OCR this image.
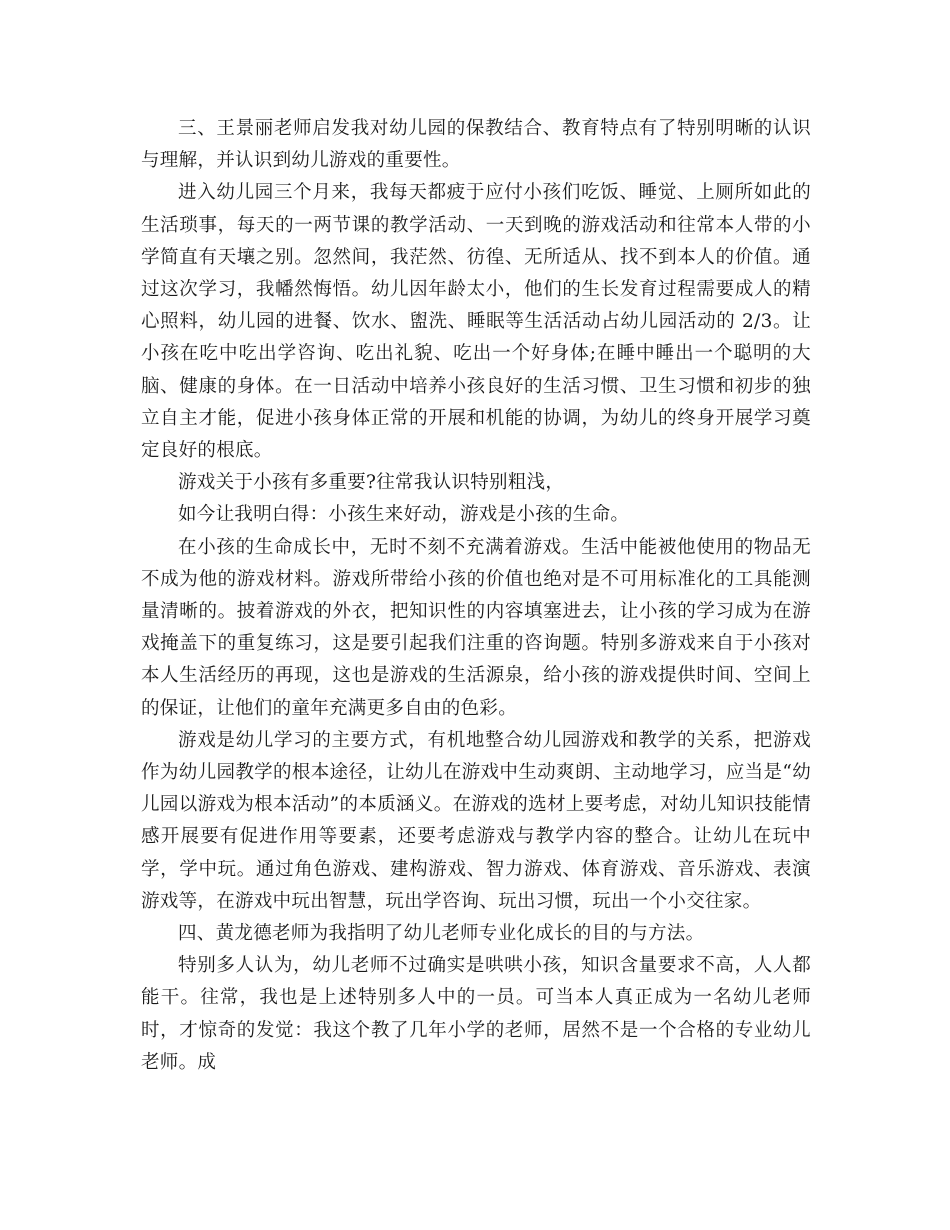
三、王景丽老师启发我对幼儿园的保教结合、教育特点有了特别明晰的认识与理解，并认识到幼儿游戏的重要性。

进入幼儿园三个月来，我每天都疲于应付小孩们吃饭、睡觉、上厕所如此的生活琐事，每天的一两节课的教学活动、一天到晚的游戏活动和往常本人带的小学简直有天壤之别。忽然间，我茫然、彷徨、无所适从、找不到本人的价值。通过这次学习，我幡然悔悟。幼儿因年龄太小，他们的生长发育过程需要成人的精心照料，幼儿园的进餐、饮水、盥洗、睡眠等生活活动占幼儿园活动的 2/3。让小孩在吃中吃出学咨询、吃出礼貌、吃出一个好身体;在睡中睡出一个聪明的大脑、健康的身体。在一日活动中培养小孩良好的生活习惯、卫生习惯和初步的独立自主才能，促进小孩身体正常的开展和机能的协调，为幼儿的终身开展学习奠定良好的根底。

游戏关于小孩有多重要?往常我认识特别粗浅，

如今让我明白得：小孩生来好动，游戏是小孩的生命。

在小孩的生命成长中，无时不刻不充满着游戏。生活中能被他使用的物品无不成为他的游戏材料。游戏所带给小孩的价值也绝对是不可用标准化的工具能测量清晰的。披着游戏的外衣，把知识性的内容填塞进去，让小孩的学习成为在游戏掩盖下的重复练习，这是要引起我们注重的咨询题。特别多游戏来自于小孩对本人生活经历的再现，这也是游戏的生活源泉，给小孩的游戏提供时间、空间上的保证，让他们的童年充满更多自由的色彩。

游戏是幼儿学习的主要方式，有机地整合幼儿园游戏和教学的关系，把游戏作为幼儿园教学的根本途径，让幼儿在游戏中生动爽朗、主动地学习，应当是“幼儿园以游戏为根本活动”的本质涵义。在游戏的选材上要考虑，对幼儿知识技能情感开展要有促进作用等要素，还要考虑游戏与教学内容的整合。让幼儿在玩中学，学中玩。通过角色游戏、建构游戏、智力游戏、体育游戏、音乐游戏、表演游戏等，在游戏中玩出智慧，玩出学咨询、玩出习惯，玩出一个小交往家。

四、黄龙德老师为我指明了幼儿老师专业化成长的目的与方法。

特别多人认为，幼儿老师不过确实是哄哄小孩，知识含量要求不高，人人都能干。往常，我也是上述特别多人中的一员。可当本人真正成为一名幼儿老师时，才惊奇的发觉：我这个教了几年小学的老师，居然不是一个合格的专业幼儿老师。成
